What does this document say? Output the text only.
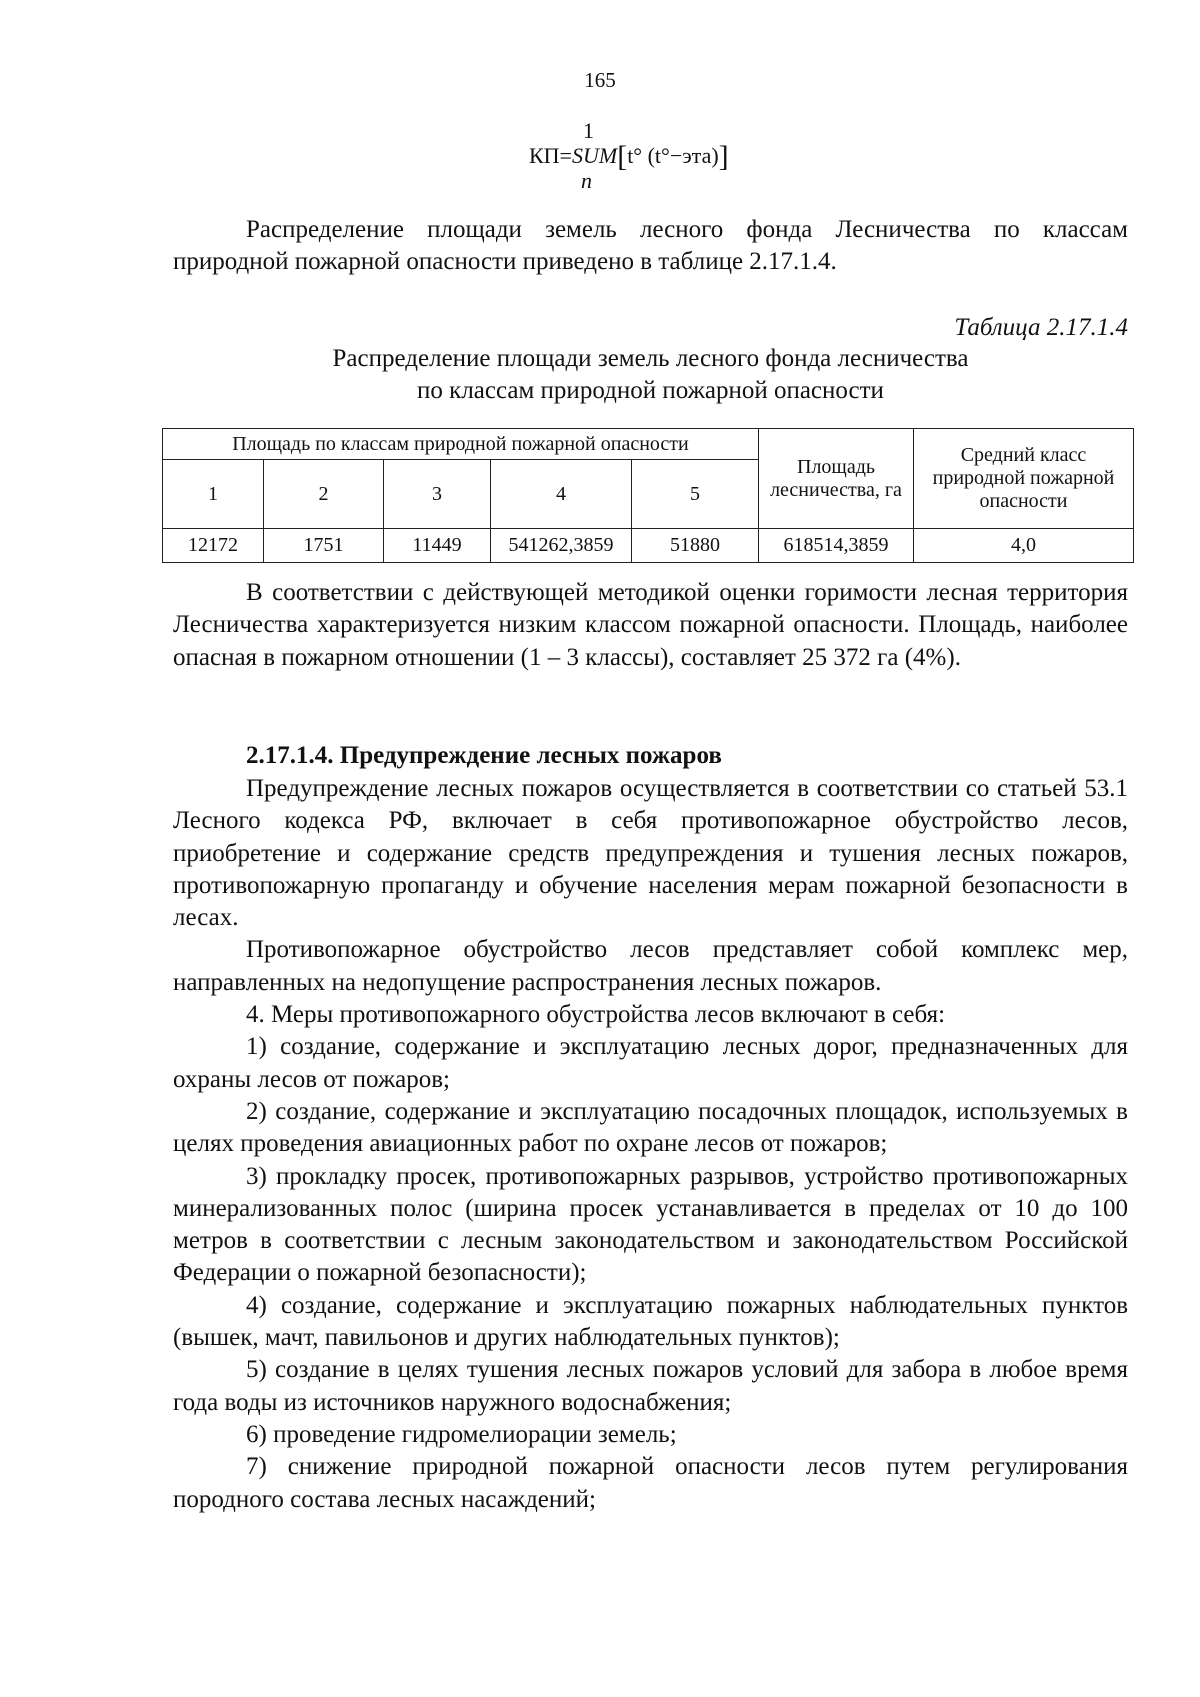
165
1
КП=SUM[t° (t°−эта)]
n

Распределение площади земель лесного фонда Лесничества по классам природной пожарной опасности приведено в таблице 2.17.1.4.

Таблица 2.17.1.4
Распределение площади земель лесного фонда лесничества
по классам природной пожарной опасности
Площадь по классам природной пожарной опасности					Площадь лесничества, га	Средний класс природной пожарной опасности
1	2	3	4	5		
12172	1751	11449	541262,3859	51880	618514,3859	4,0

В соответствии с действующей методикой оценки горимости лесная территория Лесничества характеризуется низким классом пожарной опасности. Площадь, наиболее опасная в пожарном отношении (1 – 3 классы), составляет 25 372 га (4%).

2.17.1.4. Предупреждение лесных пожаров

Предупреждение лесных пожаров осуществляется в соответствии со статьей 53.1 Лесного кодекса РФ, включает в себя противопожарное обустройство лесов, приобретение и содержание средств предупреждения и тушения лесных пожаров, противопожарную пропаганду и обучение населения мерам пожарной безопасности в лесах.

Противопожарное обустройство лесов представляет собой комплекс мер, направленных на недопущение распространения лесных пожаров.

4. Меры противопожарного обустройства лесов включают в себя:

1) создание, содержание и эксплуатацию лесных дорог, предназначенных для охраны лесов от пожаров;

2) создание, содержание и эксплуатацию посадочных площадок, используемых в целях проведения авиационных работ по охране лесов от пожаров;

3) прокладку просек, противопожарных разрывов, устройство противопожарных минерализованных полос (ширина просек устанавливается в пределах от 10 до 100 метров в соответствии с лесным законодательством и законодательством Российской Федерации о пожарной безопасности);

4) создание, содержание и эксплуатацию пожарных наблюдательных пунктов (вышек, мачт, павильонов и других наблюдательных пунктов);

5) создание в целях тушения лесных пожаров условий для забора в любое время года воды из источников наружного водоснабжения;

6) проведение гидромелиорации земель;

7) снижение природной пожарной опасности лесов путем регулирования породного состава лесных насаждений;
